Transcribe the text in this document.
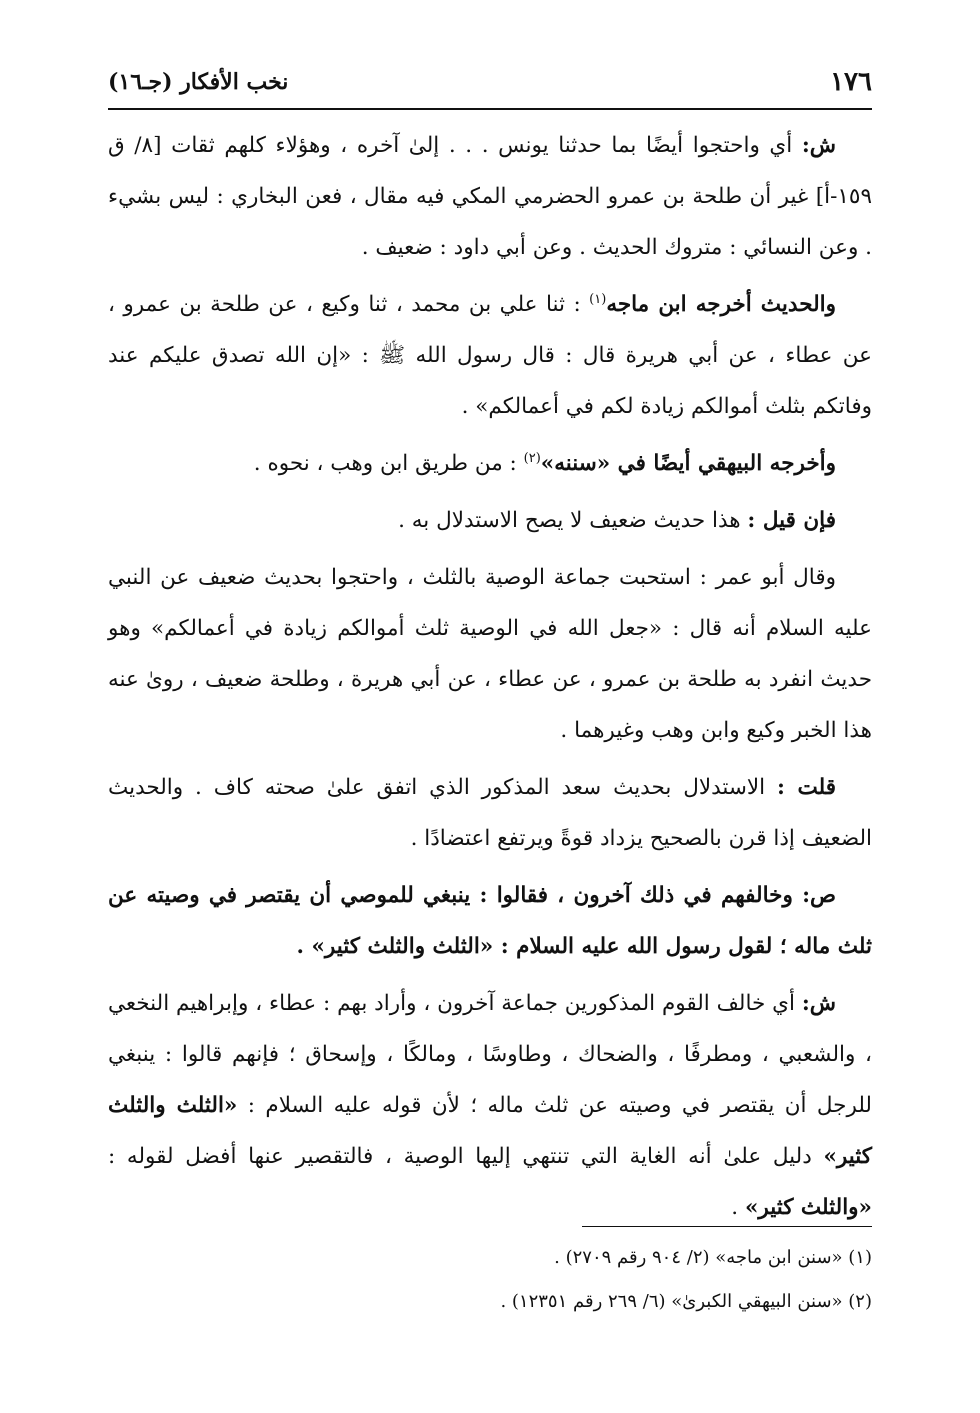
١٧٦
نخب الأفكار (جـ١٦)

ش: أي واحتجوا أيضًا بما حدثنا يونس . . . إلىٰ آخره ، وهؤلاء كلهم ثقات [٨/ ق ١٥٩-أ] غير أن طلحة بن عمرو الحضرمي المكي فيه مقال ، فعن البخاري : ليس بشيء . وعن النسائي : متروك الحديث . وعن أبي داود : ضعيف .

والحديث أخرجه ابن ماجه$^{(١)}$ : ثنا علي بن محمد ، ثنا وكيع ، عن طلحة بن عمرو ، عن عطاء ، عن أبي هريرة قال : قال رسول الله ﷺ : «إن الله تصدق عليكم عند وفاتكم بثلث أموالكم زيادة لكم في أعمالكم» .

وأخرجه البيهقي أيضًا في «سننه»$^{(٢)}$ : من طريق ابن وهب ، نحوه .

فإن قيل : هذا حديث ضعيف لا يصح الاستدلال به .

وقال أبو عمر : استحبت جماعة الوصية بالثلث ، واحتجوا بحديث ضعيف عن النبي عليه السلام أنه قال : «جعل الله في الوصية ثلث أموالكم زيادة في أعمالكم» وهو حديث انفرد به طلحة بن عمرو ، عن عطاء ، عن أبي هريرة ، وطلحة ضعيف ، روىٰ عنه هذا الخبر وكيع وابن وهب وغيرهما .

قلت : الاستدلال بحديث سعد المذكور الذي اتفق علىٰ صحته كاف . والحديث الضعيف إذا قرن بالصحيح يزداد قوةً ويرتفع اعتضادًا .

ص: وخالفهم في ذلك آخرون ، فقالوا : ينبغي للموصي أن يقتصر في وصيته عن ثلث ماله ؛ لقول رسول الله عليه السلام : «الثلث والثلث كثير» .

ش: أي خالف القوم المذكورين جماعة آخرون ، وأراد بهم : عطاء ، وإبراهيم النخعي ، والشعبي ، ومطرفًا ، والضحاك ، وطاوسًا ، ومالكًا ، وإسحاق ؛ فإنهم قالوا : ينبغي للرجل أن يقتصر في وصيته عن ثلث ماله ؛ لأن قوله عليه السلام : «الثلث والثلث كثير» دليل علىٰ أنه الغاية التي تنتهي إليها الوصية ، فالتقصير عنها أفضل لقوله : «والثلث كثير» .

(١) «سنن ابن ماجه» (٢/ ٩٠٤ رقم ٢٧٠٩) .

(٢) «سنن البيهقي الكبرىٰ» (٦/ ٢٦٩ رقم ١٢٣٥١) .
